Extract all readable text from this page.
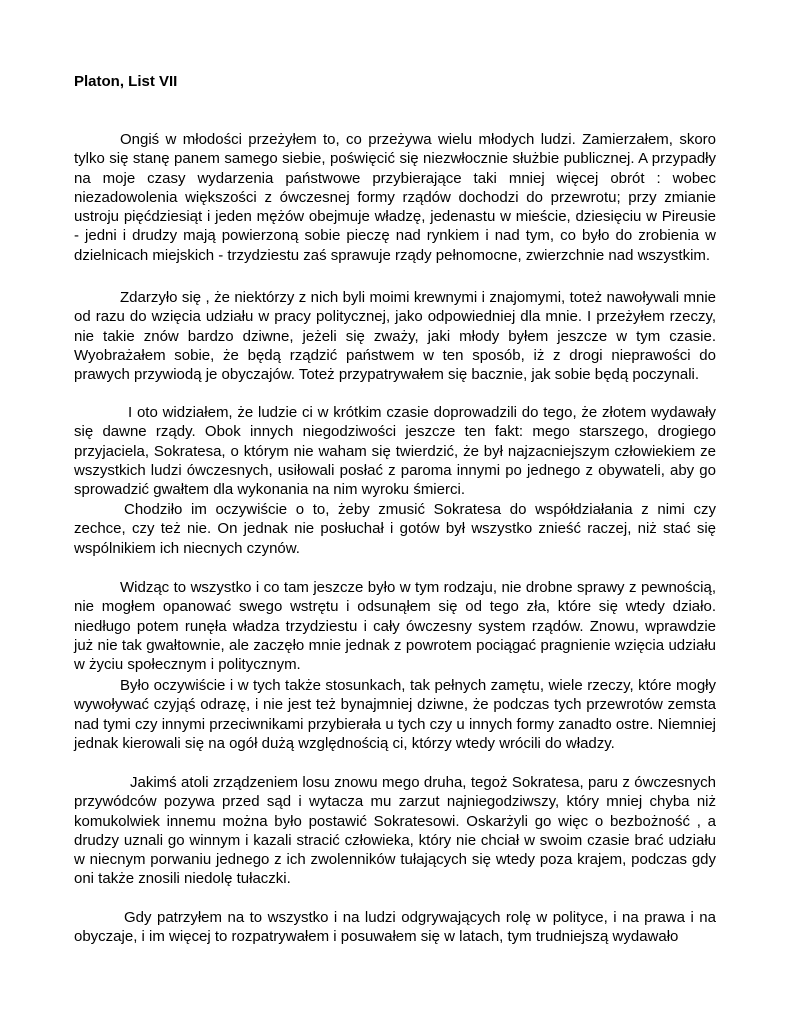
Platon, List VII

Ongiś w młodości przeżyłem to, co przeżywa wielu młodych ludzi. Zamierzałem, skoro tylko się stanę panem samego siebie, poświęcić się niezwłocznie służbie publicznej. A przypadły na moje czasy wydarzenia państwowe przybierające taki mniej więcej obrót : wobec niezadowolenia większości z ówczesnej formy rządów dochodzi do przewrotu; przy zmianie ustroju pięćdziesiąt i jeden mężów obejmuje władzę, jedenastu w mieście, dziesięciu w Pireusie - jedni i drudzy mają powierzoną sobie pieczę nad rynkiem i nad tym, co było do zrobienia w dzielnicach miejskich - trzydziestu zaś sprawuje rządy pełnomocne, zwierzchnie nad wszystkim.

Zdarzyło się , że niektórzy z nich byli moimi krewnymi i znajomymi, toteż nawoływali mnie od razu do wzięcia udziału w pracy politycznej, jako odpowiedniej dla mnie. I przeżyłem rzeczy, nie takie znów bardzo dziwne, jeżeli się zważy, jaki młody byłem jeszcze w tym czasie. Wyobrażałem sobie, że będą rządzić państwem w ten sposób, iż z drogi nieprawości do prawych przywiodą je obyczajów. Toteż przypatrywałem się bacznie, jak sobie będą poczynali.

I oto widziałem, że ludzie ci w krótkim czasie doprowadzili do tego, że złotem wydawały się dawne rządy. Obok innych niegodziwości jeszcze ten fakt: mego starszego, drogiego przyjaciela, Sokratesa, o którym nie waham się twierdzić, że był najzacniejszym człowiekiem ze wszystkich ludzi ówczesnych, usiłowali posłać z paroma innymi po jednego z obywateli, aby go sprowadzić gwałtem dla wykonania na nim wyroku śmierci.

Chodziło im oczywiście o to, żeby zmusić Sokratesa do współdziałania z nimi czy zechce, czy też nie. On jednak nie posłuchał i gotów był wszystko znieść raczej, niż stać się wspólnikiem ich niecnych czynów.

Widząc to wszystko i co tam jeszcze było w tym rodzaju, nie drobne sprawy z pewnością, nie mogłem opanować swego wstrętu i odsunąłem się od tego zła, które się wtedy działo. niedługo potem runęła władza trzydziestu i cały ówczesny system rządów. Znowu, wprawdzie już nie tak gwałtownie, ale zaczęło mnie jednak z powrotem pociągać pragnienie wzięcia udziału w życiu społecznym i politycznym.

Było oczywiście i w tych także stosunkach, tak pełnych zamętu, wiele rzeczy, które mogły wywoływać czyjąś odrazę, i nie jest też bynajmniej dziwne, że podczas tych przewrotów zemsta nad tymi czy innymi przeciwnikami przybierała u tych czy u innych formy zanadto ostre. Niemniej jednak kierowali się na ogół dużą względnością ci, którzy wtedy wrócili do władzy.

Jakimś atoli zrządzeniem losu znowu mego druha, tegoż Sokratesa, paru z ówczesnych przywódców pozywa przed sąd i wytacza mu zarzut najniegodziwszy, który mniej chyba niż komukolwiek innemu można było postawić Sokratesowi. Oskarżyli go więc o bezbożność , a drudzy uznali go winnym i kazali stracić człowieka, który nie chciał w swoim czasie brać udziału w niecnym porwaniu jednego z ich zwolenników tułających się wtedy poza krajem, podczas gdy oni także znosili niedolę tułaczki.

Gdy patrzyłem na to wszystko i na ludzi odgrywających rolę w polityce, i na prawa i na obyczaje, i im więcej to rozpatrywałem i posuwałem się w latach, tym trudniejszą wydawało
